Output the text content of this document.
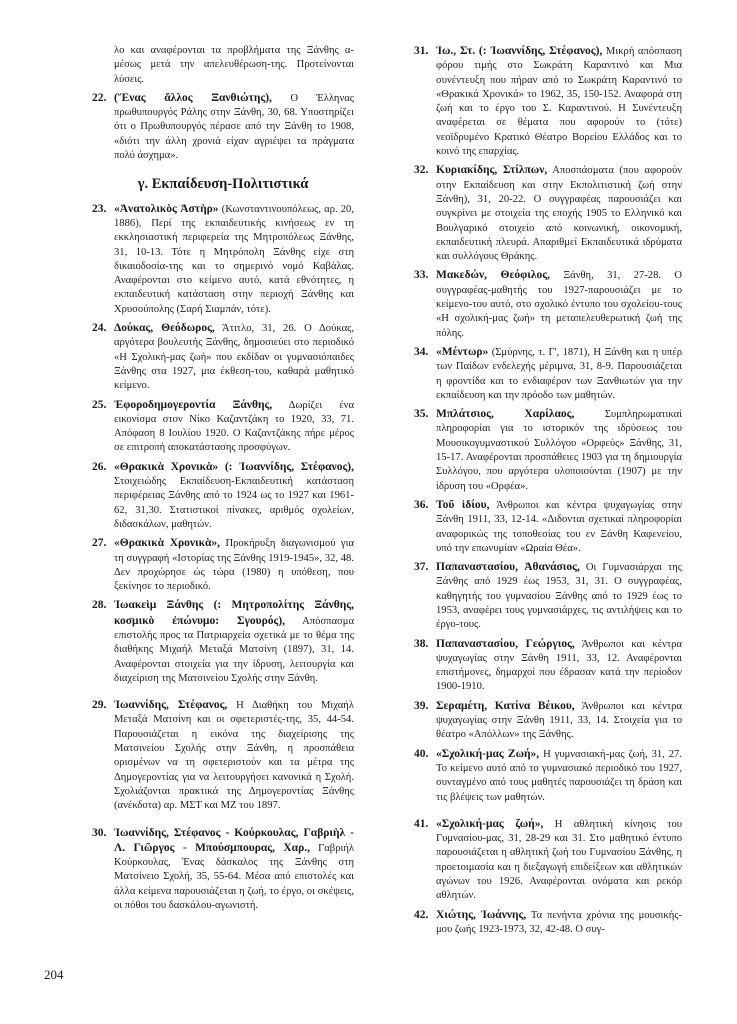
λο και αναφέρονται τα προβλήματα της Ξάνθης α-μέσως μετά την απελευθέρωση-της. Προτείνονται λύσεις.
22. (Ἕνας ἄλλος Ξανθιώτης), Ο Έλληνας πρωθυπουργός Ράλης στην Ξάνθη, 30, 68. Υποστηρίζει ότι ο Πρωθυπουργός πέρασε από την Ξάνθη το 1908, «διότι την άλλη χρονιά είχαν αγριέψει τα πράγματα πολύ άσχημα».
γ. Εκπαίδευση-Πολιτιστικά
23. «Ἀνατολικὸς Ἀστὴρ» (Κωνσταντινουπόλεως, αρ. 20, 1886), Περί της εκπαιδευτικής κινήσεως εν τη εκκλησιαστική περιφερεία της Μητροπόλεως Ξάνθης, 31, 10-13. Τότε η Μητρόπολη Ξάνθης είχε στη δικαιοδοσία-της και το σημερινό νομό Καβάλας. Αναφέρονται στο κείμενο αυτό, κατά εθνότητες, η εκπαιδευτική κατάσταση στην περιοχή Ξάνθης και Χρυσούπολης (Σαρή Σιαμπάν, τότε).
24. Δούκας, Θεόδωρος, Άτιτλο, 31, 26. Ο Δούκας, αργότερα βουλευτής Ξάνθης, δημοσιεύει στο περιοδικό «Η Σχολική-μας ζωή» που εκδίδαν οι γυμνασιόπαιδες Ξάνθης στα 1927, μια έκθεση-του, καθαρά μαθητικό κείμενο.
25. Ἐφοροδημογεροντία Ξάνθης, Δωρίζει ένα εικονίσμα στον Νίκο Καζαντζάκη το 1920, 33, 71. Απόφαση 8 Ιουλίου 1920. Ο Καζαντζάκης πήρε μέρος σε επιτροπή αποκατάστασης προσφύγων.
26. «Θρακικὰ Χρονικὰ» (: Ἰωαννίδης, Στέφανος), Στοιχειώδης Εκπαίδευση-Εκπαιδευτική κατάσταση περιφέρειας Ξάνθης από το 1924 ως το 1927 και 1961-62, 31,30. Στατιστικοί πίνακες, αριθμός σχολείων, διδασκάλων, μαθητών.
27. «Θρακικὰ Χρονικὰ», Προκήρυξη διαγωνισμού για τη συγγραφή «Ιστορίας της Ξάνθης 1919-1945», 32, 48. Δεν προχώρησε ώς τώρα (1980) η υπόθεση, που ξεκίνησε το περιοδικό.
28. Ἰωακεὶμ Ξάνθης (: Μητροπολίτης Ξάνθης, κοσμικὸ ἐπώνυμο: Σγουρός), Απόσπασμα επιστολής προς τα Πατριαρχεία σχετικά με το θέμα της διαθήκης Μιχαήλ Μεταξά Ματσίνη (1897), 31, 14. Αναφέρονται στοιχεία για την ίδρυση, λειτουργία και διαχείριση της Ματσινείου Σχολής στην Ξάνθη.
29. Ἰωαννίδης, Στέφανος, Η Διαθήκη του Μιχαήλ Μεταξά Ματσίνη και οι σφετεριστές-της, 35, 44-54. Παρουσιάζεται η εικόνα της διαχείρισης της Ματσινείου Σχολής στην Ξάνθη, η προσπάθεια ορισμένων να τη σφετεριστούν και τα μέτρα της Δημογεροντίας για να λειτουργήσει κανονικά η Σχολή. Σχολιάζονται πρακτικά της Δημογεροντίας Ξάνθης (ανέκδοτα) αρ. ΜΣΤ και ΜΖ του 1897.
30. Ἰωαννίδης, Στέφανος - Κούρκουλας, Γαβριὴλ - Λ. Γιῶργος - Μπούσμπουρας, Χαρ., Γαβριήλ Κούρκουλας, Ένας δάσκαλος της Ξάνθης στη Ματσίνειο Σχολή, 35, 55-64. Μέσα από επιστολές και άλλα κείμενα παρουσιάζεται η ζωή, το έργο, οι σκέψεις, οι πόθοι του δασκάλου-αγωνιστή.
31. Ἰω., Στ. (: Ἰωαννίδης, Στέφανος), Μικρή απόσπαση φόρου τιμής στο Σωκράτη Καραντινό και Μια συνέντευξη που πήραν από το Σωκράτη Καραντινό το «Θρακικά Χρονικά» το 1962, 35, 150-152. Αναφορά στη ζωή και το έργο του Σ. Καραντινού. Η Συνέντευξη αναφέρεται σε θέματα που αφορούν το (τότε) νεοϊδρυμένο Κρατικό Θέατρο Βορείου Ελλάδος και το κοινό της επαρχίας.
32. Κυριακίδης, Στίλπων, Αποσπάσματα (που αφορούν στην Εκπαίδευση και στην Εκπολιτιστική ζωή στην Ξάνθη), 31, 20-22. Ο συγγραφέας παρουσιάζει και συγκρίνει με στοιχεία της εποχής 1905 το Ελληνικό και Βουλγαρικό στοιχείο από κοινωνική, οικονομική, εκπαιδευτική πλευρά. Απαριθμεί Εκπαιδευτικά ιδρύματα και συλλόγους Θράκης.
33. Μακεδών, Θεόφιλος, Ξάνθη, 31, 27-28. Ο συγγραφέας-μαθητής του 1927-παρουσιάζει με το κείμενο-του αυτό, στο σχολικό έντυπο του σχολείου-τους «Η σχολική-μας ζωή» τη μεταπελευθερωτική ζωή της πόλης.
34. «Μέντωρ» (Σμύρνης, τ. Γ', 1871), Η Ξάνθη και η υπέρ των Παίδων ενδελεχής μέριμνα, 31, 8-9. Παρουσιάζεται η φροντίδα και το ενδιαφέρον των Ξανθιωτών για την εκπαίδευση και την πρόοδο των μαθητών.
35. Μπλάτσιος, Χαρίλαος, Συμπληρωματικαί πληροφορίαι για το ιστορικόν της ιδρύσεως του Μουσικογυμναστικού Συλλόγου «Ορφεύς» Ξάνθης, 31, 15-17. Αναφέρονται προσπάθειες 1903 για τη δημιουργία Συλλόγου, που αργότερα υλοποιούνται (1907) με την ίδρυση του «Ορφέα».
36. Τοῦ ἰδίου, Άνθρωποι και κέντρα ψυχαγωγίας στην Ξάνθη 1911, 33, 12-14. «Διδονται σχετικαί πληροφορίαι αναφορικώς της τοποθεσίας του εν Ξάνθη Καφενείου, υπό την επωνυμίαν «Ωραία Θέα».
37. Παπαναστασίου, Ἀθανάσιος, Οι Γυμνασιάρχαι της Ξάνθης από 1929 έως 1953, 31, 31. Ο συγγραφέας, καθηγητής του γυμνασίου Ξάνθης από το 1929 έως το 1953, αναφέρει τους γυμνασιάρχες, τις αντιλήψεις και το έργο-τους.
38. Παπαναστασίου, Γεώργιος, Άνθρωποι και κέντρα ψυχαγωγίας στην Ξάνθη 1911, 33, 12. Αναφέρονται επιστήμονες, δημαρχοί που έδρασαν κατά την περίοδον 1900-1910.
39. Σεραμέτη, Κατίνα Βέικου, Άνθρωποι και κέντρα ψυχαγωγίας στην Ξάνθη 1911, 33, 14. Στοιχεία για το θέατρο «Απόλλων» της Ξάνθης.
40. «Σχολική-μας Ζωή», Η γυμνασιακή-μας ζωή, 31, 27. Το κείμενο αυτό από το γυμνασιακό περιοδικό του 1927, συνταγμένο από τους μαθητές παρουσιάζει τη δράση και τις βλέψεις των μαθητών.
41. «Σχολική-μας ζωή», Η αθλητική κίνησις του Γυμνασίου-μας, 31, 28-29 και 31. Στο μαθητικό έντυπο παρουσιάζεται η αθλητική ζωή του Γυμνασίου Ξάνθης, η προετοιμασία και η διεξαγωγή επιδείξεων και αθλητικών αγώνων του 1926. Αναφέρονται ονόματα και ρεκόρ αθλητών.
42. Χιώτης, Ἰωάννης, Τα πενήντα χρόνια της μουσικής-μου ζωής 1923-1973, 32, 42-48. Ο συγ-
204
